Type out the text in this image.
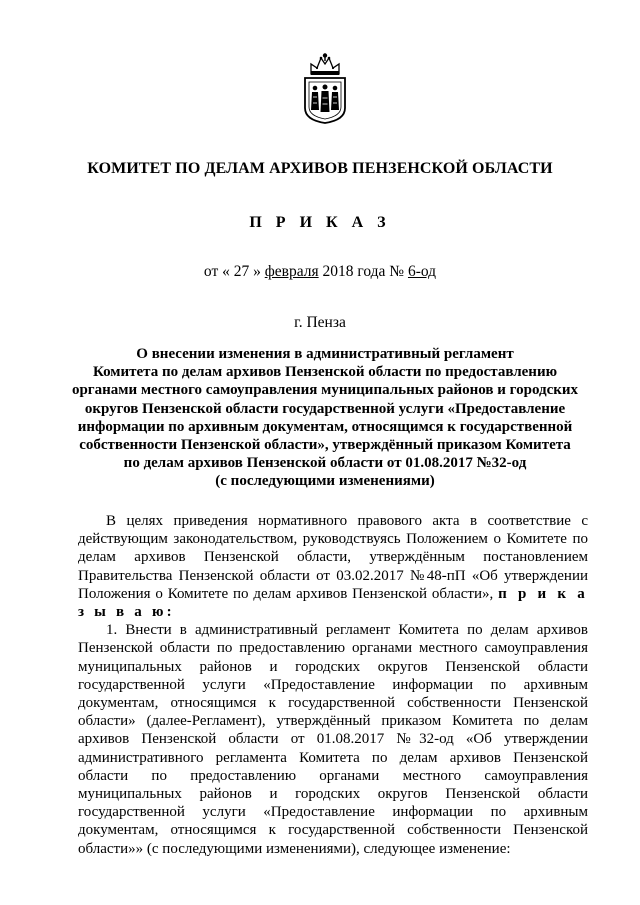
КОМИТЕТ ПО ДЕЛАМ АРХИВОВ ПЕНЗЕНСКОЙ ОБЛАСТИ
П Р И К А З
от « 27 » февраля 2018 года № 6-од
г. Пенза
О внесении изменения в административный регламент
Комитета по делам архивов Пензенской области по предоставлению
органами местного самоуправления муниципальных районов и городских
округов Пензенской области государственной услуги «Предоставление
информации по архивным документам, относящимся к государственной
собственности Пензенской области», утверждённый приказом Комитета
по делам архивов Пензенской области от 01.08.2017 №32-од
(с последующими изменениями)

В целях приведения нормативного правового акта в соответствие с действующим законодательством, руководствуясь Положением о Комитете по делам архивов Пензенской области, утверждённым постановлением Правительства Пензенской области от 03.02.2017 №48-пП «Об утверждении Положения о Комитете по делам архивов Пензенской области», п р и к а з ы в а ю:

1. Внести в административный регламент Комитета по делам архивов Пензенской области по предоставлению органами местного самоуправления муниципальных районов и городских округов Пензенской области государственной услуги «Предоставление информации по архивным документам, относящимся к государственной собственности Пензенской области» (далее-Регламент), утверждённый приказом Комитета по делам архивов Пензенской области от 01.08.2017 №32-од «Об утверждении административного регламента Комитета по делам архивов Пензенской области по предоставлению органами местного самоуправления муниципальных районов и городских округов Пензенской области государственной услуги «Предоставление информации по архивным документам, относящимся к государственной собственности Пензенской области»» (с последующими изменениями), следующее изменение:
